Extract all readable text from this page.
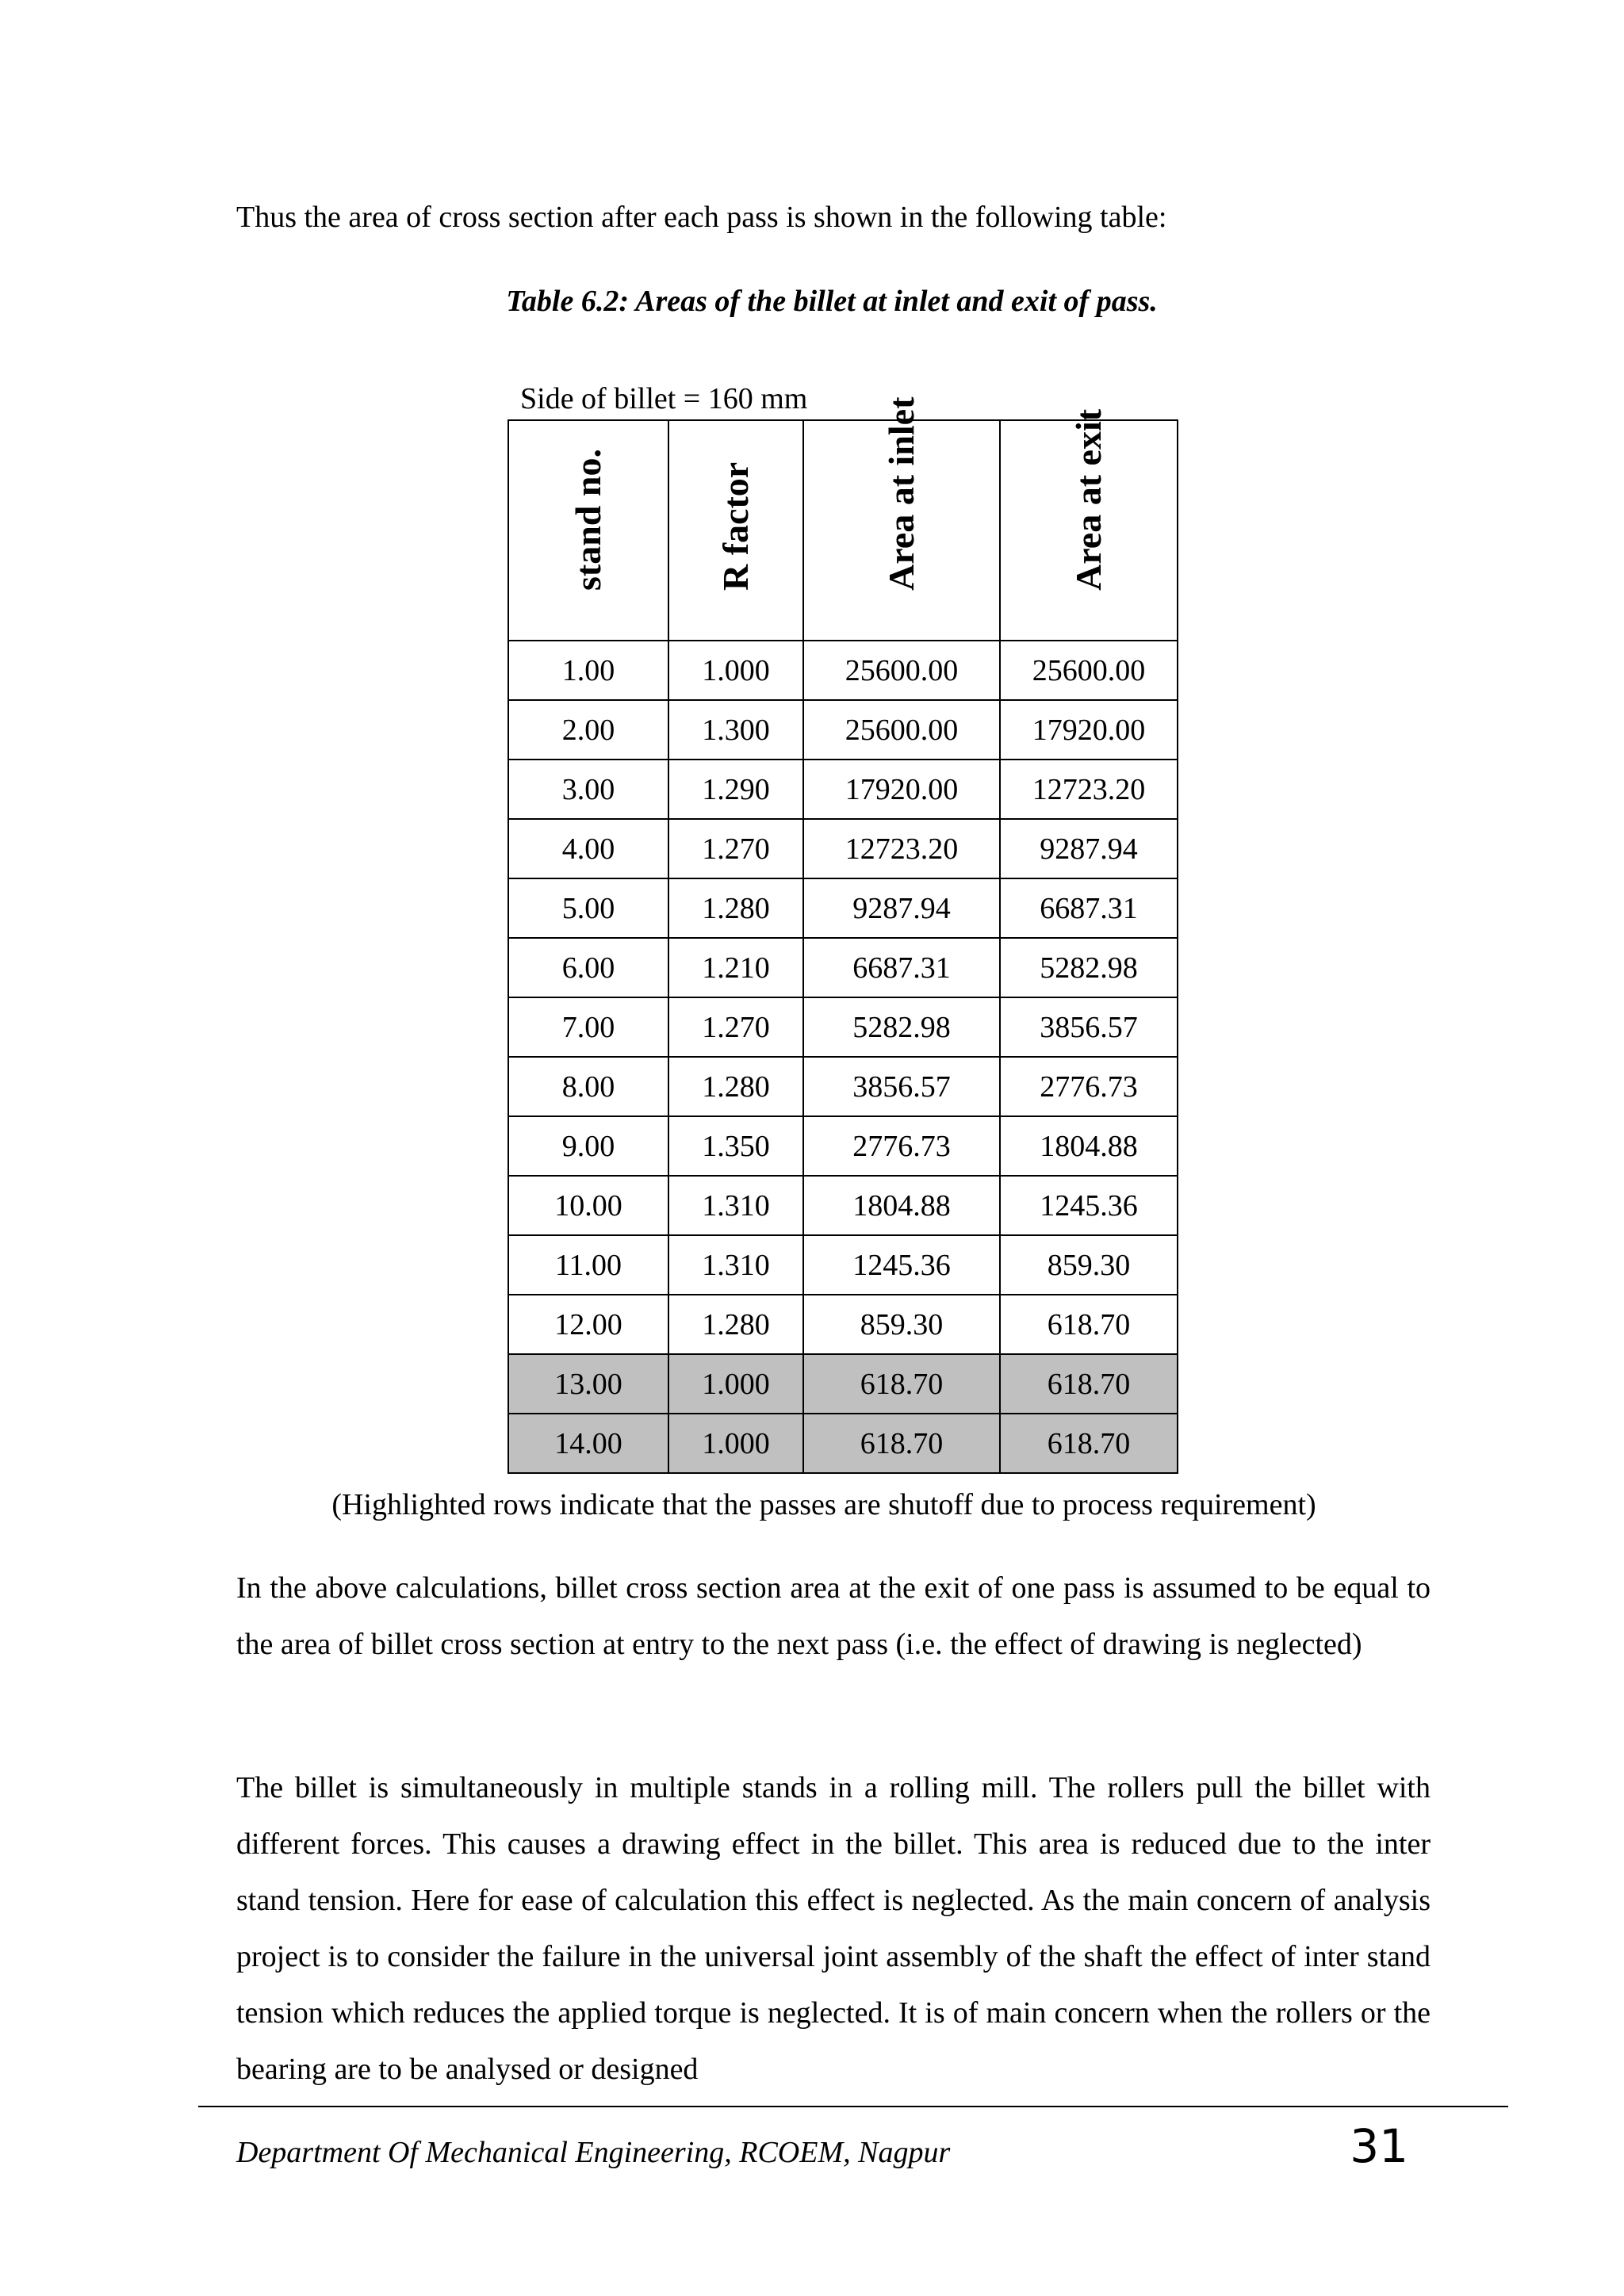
Thus the area of cross section after each pass is shown in the following table:

Table 6.2: Areas of the billet at inlet and exit of pass.

Side of billet = 160 mm

stand no.	R factor	Area at inlet	Area at exit

1.00	1.000	25600.00	25600.00
2.00	1.300	25600.00	17920.00
3.00	1.290	17920.00	12723.20
4.00	1.270	12723.20	9287.94
5.00	1.280	9287.94	6687.31
6.00	1.210	6687.31	5282.98
7.00	1.270	5282.98	3856.57
8.00	1.280	3856.57	2776.73
9.00	1.350	2776.73	1804.88
10.00	1.310	1804.88	1245.36
11.00	1.310	1245.36	859.30
12.00	1.280	859.30	618.70
13.00	1.000	618.70	618.70
14.00	1.000	618.70	618.70

(Highlighted rows indicate that the passes are shutoff due to process requirement)

In the above calculations, billet cross section area at the exit of one pass is assumed to be equal to the area of billet cross section at entry to the next pass (i.e. the effect of drawing is neglected)

The billet is simultaneously in multiple stands in a rolling mill. The rollers pull the billet with different forces. This causes a drawing effect in the billet. This area is reduced due to the inter stand tension. Here for ease of calculation this effect is neglected. As the main concern of analysis project is to consider the failure in the universal joint assembly of the shaft the effect of inter stand tension which reduces the applied torque is neglected. It is of main concern when the rollers or the bearing are to be analysed or designed

Department Of Mechanical Engineering, RCOEM, Nagpur	31
